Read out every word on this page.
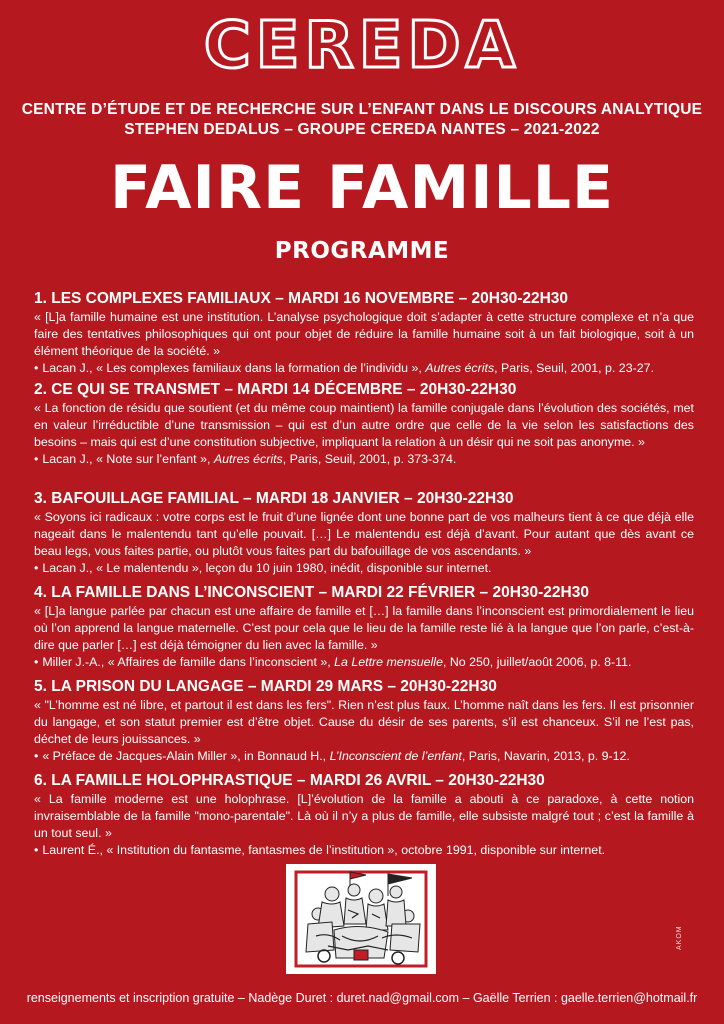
CEREDA
CENTRE D’ÉTUDE ET DE RECHERCHE SUR L’ENFANT DANS LE DISCOURS ANALYTIQUE
STEPHEN DEDALUS – GROUPE CEREDA NANTES – 2021-2022
FAIRE FAMILLE
PROGRAMME
1. LES COMPLEXES FAMILIAUX – MARDI 16 NOVEMBRE – 20H30-22H30
« [L]a famille humaine est une institution. L’analyse psychologique doit s’adapter à cette structure complexe et n’a que faire des tentatives philosophiques qui ont pour objet de réduire la famille humaine soit à un fait biologique, soit à un élément théorique de la société. »
• Lacan J., « Les complexes familiaux dans la formation de l’individu », Autres écrits, Paris, Seuil, 2001, p. 23-27.
2. CE QUI SE TRANSMET – MARDI 14 DÉCEMBRE – 20H30-22H30
« La fonction de résidu que soutient (et du même coup maintient) la famille conjugale dans l’évolution des sociétés, met en valeur l’irréductible d’une transmission – qui est d’un autre ordre que celle de la vie selon les satisfactions des besoins – mais qui est d’une constitution subjective, impliquant la relation à un désir qui ne soit pas anonyme. »
• Lacan J., « Note sur l’enfant », Autres écrits, Paris, Seuil, 2001, p. 373-374.
3. BAFOUILLAGE FAMILIAL – MARDI 18 JANVIER – 20H30-22H30
« Soyons ici radicaux : votre corps est le fruit d’une lignée dont une bonne part de vos malheurs tient à ce que déjà elle nageait dans le malentendu tant qu’elle pouvait. […] Le malentendu est déjà d’avant. Pour autant que dès avant ce beau legs, vous faites partie, ou plutôt vous faites part du bafouillage de vos ascendants. »
• Lacan J., « Le malentendu », leçon du 10 juin 1980, inédit, disponible sur internet.
4. LA FAMILLE DANS L’INCONSCIENT – MARDI 22 FÉVRIER – 20H30-22H30
« [L]a langue parlée par chacun est une affaire de famille et […] la famille dans l’inconscient est primordialement le lieu où l’on apprend la langue maternelle. C’est pour cela que le lieu de la famille reste lié à la langue que l’on parle, c’est-à-dire que parler […] est déjà témoigner du lien avec la famille. »
• Miller J.-A., « Affaires de famille dans l’inconscient », La Lettre mensuelle, No 250, juillet/août 2006, p. 8-11.
5. LA PRISON DU LANGAGE – MARDI 29 MARS – 20H30-22H30
« "L’homme est né libre, et partout il est dans les fers". Rien n’est plus faux. L’homme naît dans les fers. Il est prisonnier du langage, et son statut premier est d’être objet. Cause du désir de ses parents, s’il est chanceux. S’il ne l’est pas, déchet de leurs jouissances. »
• « Préface de Jacques-Alain Miller », in Bonnaud H., L’Inconscient de l’enfant, Paris, Navarin, 2013, p. 9-12.
6. LA FAMILLE HOLOPHRASTIQUE – MARDI 26 AVRIL – 20H30-22H30
« La famille moderne est une holophrase. [L]’évolution de la famille a abouti à ce paradoxe, à cette notion invraisemblable de la famille "mono-parentale". Là où il n’y a plus de famille, elle subsiste malgré tout ; c’est la famille à un tout seul. »
• Laurent É., « Institution du fantasme, fantasmes de l’institution », octobre 1991, disponible sur internet.
AKOM
renseignements et inscription gratuite – Nadège Duret : duret.nad@gmail.com – Gaëlle Terrien : gaelle.terrien@hotmail.fr
